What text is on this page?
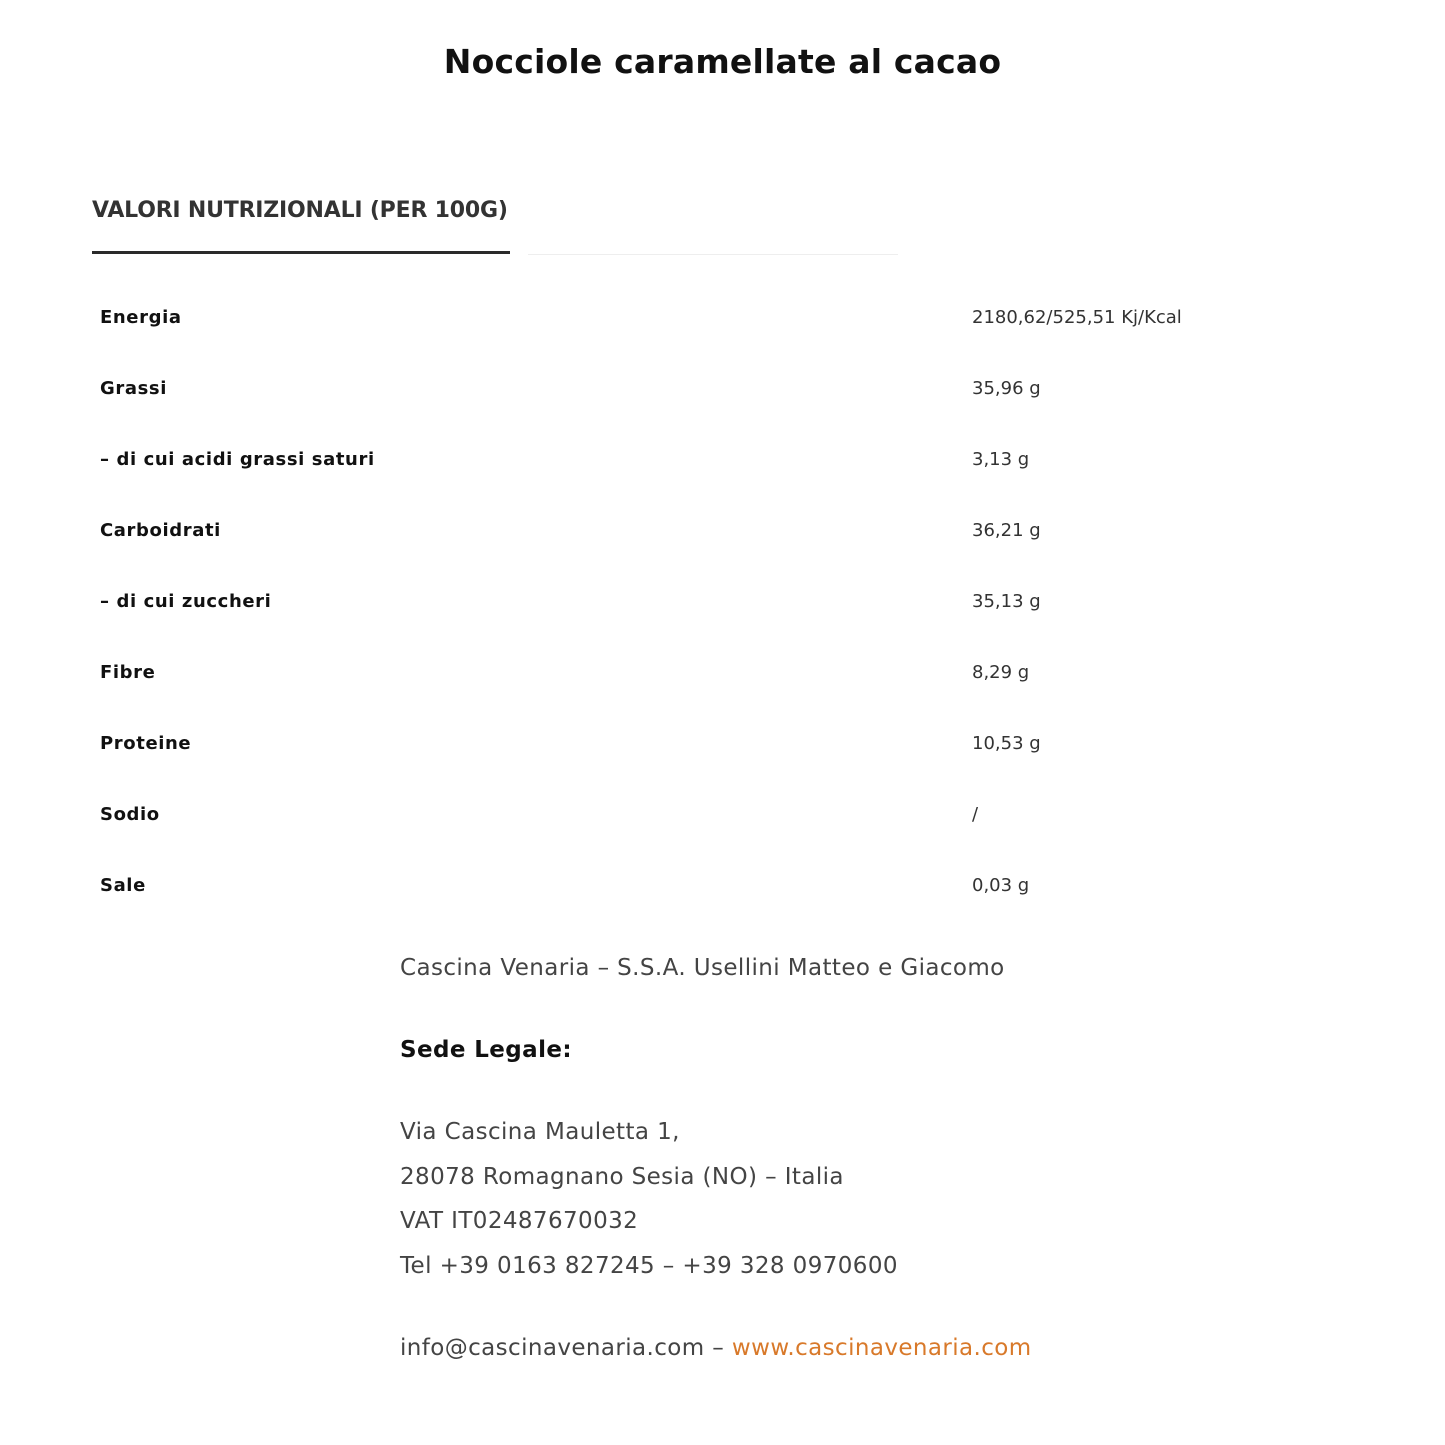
Nocciole caramellate al cacao
VALORI NUTRIZIONALI (PER 100G)
Energia	2180,62/525,51 Kj/Kcal
Grassi	35,96 g
– di cui acidi grassi saturi	3,13 g
Carboidrati	36,21 g
– di cui zuccheri	35,13 g
Fibre	8,29 g
Proteine	10,53 g
Sodio	/
Sale	0,03 g
Cascina Venaria – S.S.A. Usellini Matteo e Giacomo
Sede Legale:
Via Cascina Mauletta 1,
28078 Romagnano Sesia (NO) – Italia
VAT IT02487670032
Tel +39 0163 827245 – +39 328 0970600
info@cascinavenaria.com – www.cascinavenaria.com
